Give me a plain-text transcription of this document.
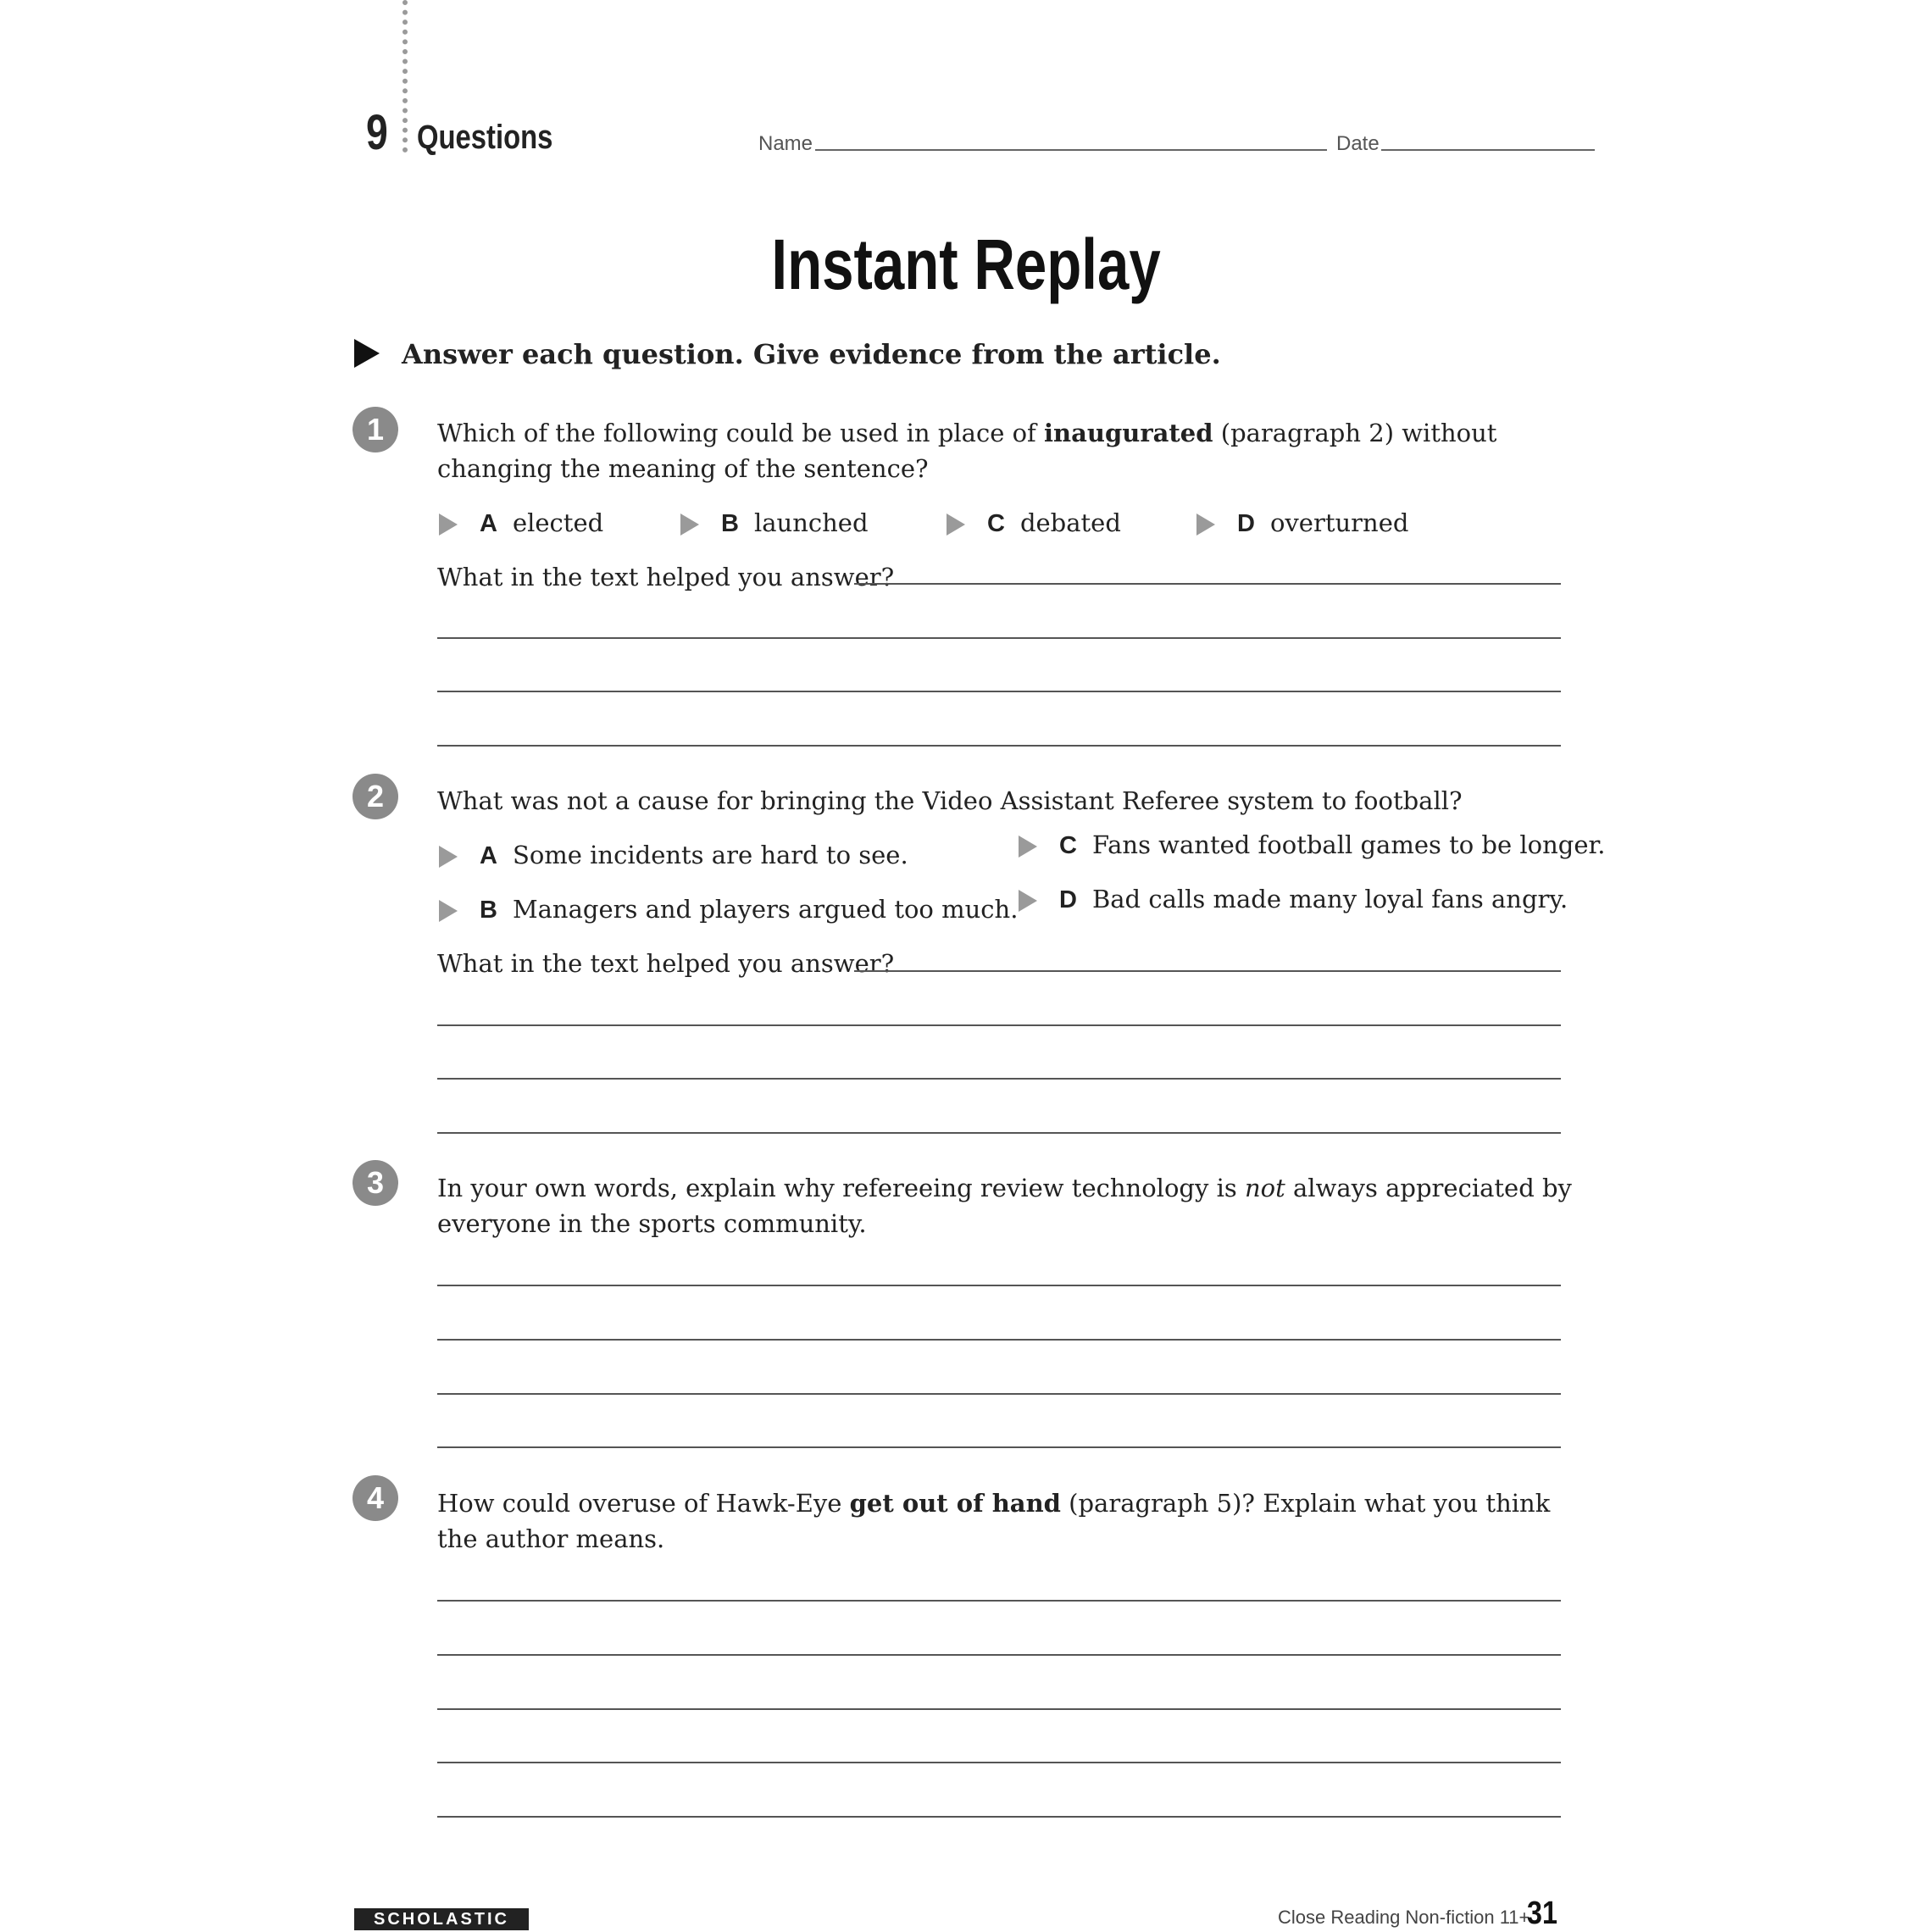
9 Questions	Name	Date
Instant Replay
Answer each question. Give evidence from the article.
1	Which of the following could be used in place of inaugurated (paragraph 2) without changing the meaning of the sentence?
A elected	B launched	C debated	D overturned
What in the text helped you answer?
2	What was not a cause for bringing the Video Assistant Referee system to football?
A Some incidents are hard to see.
B Managers and players argued too much.
C Fans wanted football games to be longer.
D Bad calls made many loyal fans angry.
What in the text helped you answer?
3	In your own words, explain why refereeing review technology is not always appreciated by everyone in the sports community.
4	How could overuse of Hawk-Eye get out of hand (paragraph 5)? Explain what you think the author means.
SCHOLASTIC	Close Reading Non-fiction 11+
31
